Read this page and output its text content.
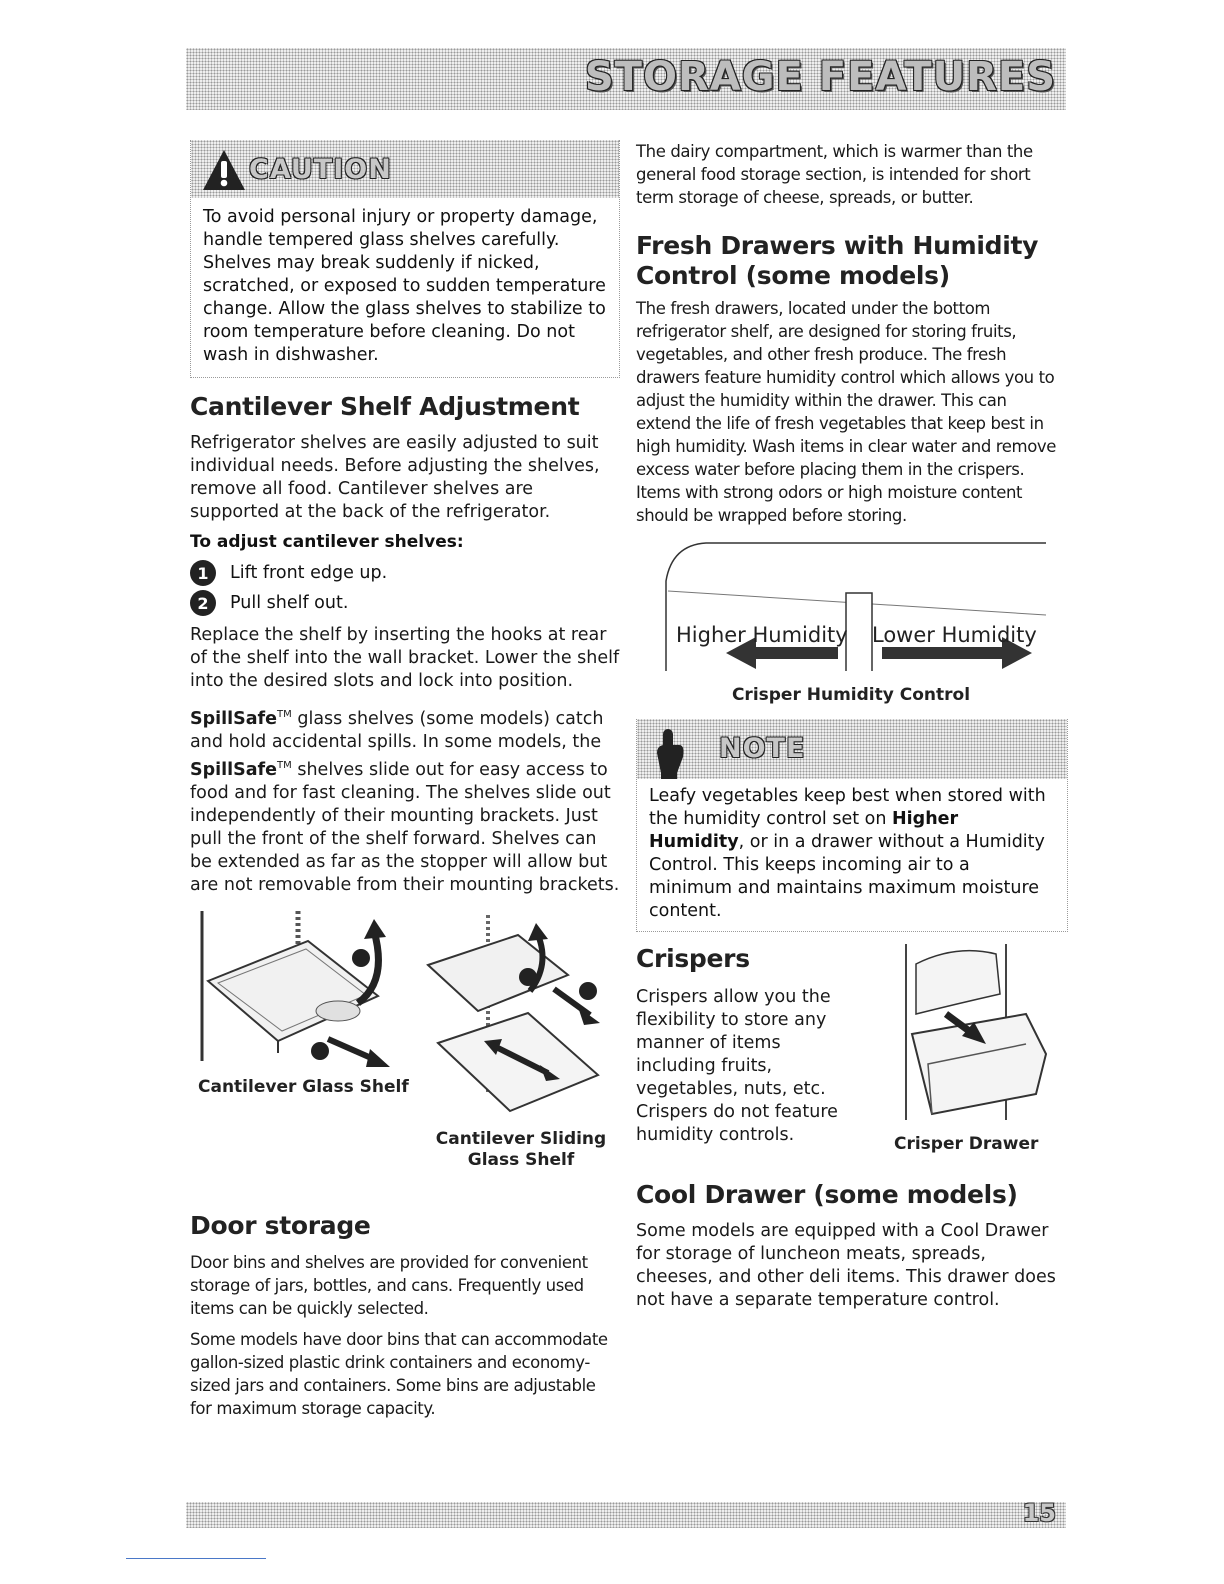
STORAGE FEATURES
CAUTION

To avoid personal injury or property damage, handle tempered glass shelves carefully. Shelves may break suddenly if nicked, scratched, or exposed to sudden temperature change. Allow the glass shelves to stabilize to room temperature before cleaning. Do not wash in dishwasher.

Cantilever Shelf Adjustment

Refrigerator shelves are easily adjusted to suit individual needs. Before adjusting the shelves, remove all food. Cantilever shelves are supported at the back of the refrigerator.

To adjust cantilever shelves:

1	Lift front edge up.
2	Pull shelf out.

Replace the shelf by inserting the hooks at rear of the shelf into the wall bracket. Lower the shelf into the desired slots and lock into position.

SpillSafe™ glass shelves (some models) catch and hold accidental spills. In some models, the SpillSafe™ shelves slide out for easy access to food and for fast cleaning. The shelves slide out independently of their mounting brackets. Just pull the front of the shelf forward. Shelves can be extended as far as the stopper will allow but are not removable from their mounting brackets.

Cantilever Glass Shelf
Cantilever Sliding
Glass Shelf
Door storage

Door bins and shelves are provided for convenient storage of jars, bottles, and cans. Frequently used items can be quickly selected.

Some models have door bins that can accommodate gallon-sized plastic drink containers and economy-sized jars and containers. Some bins are adjustable for maximum storage capacity.

The dairy compartment, which is warmer than the general food storage section, is intended for short term storage of cheese, spreads, or butter.

Fresh Drawers with Humidity
Control (some models)

The fresh drawers, located under the bottom refrigerator shelf, are designed for storing fruits, vegetables, and other fresh produce. The fresh drawers feature humidity control which allows you to adjust the humidity within the drawer. This can extend the life of fresh vegetables that keep best in high humidity. Wash items in clear water and remove excess water before placing them in the crispers. Items with strong odors or high moisture content should be wrapped before storing.

Higher Humidity Lower Humidity
Crisper Humidity Control
NOTE

Leafy vegetables keep best when stored with the humidity control set on Higher Humidity, or in a drawer without a Humidity Control. This keeps incoming air to a minimum and maintains maximum moisture content.

Crispers

Crispers allow you the flexibility to store any manner of items including fruits, vegetables, nuts, etc. Crispers do not feature humidity controls.	Crisper Drawer
Cool Drawer (some models)

Some models are equipped with a Cool Drawer for storage of luncheon meats, spreads, cheeses, and other deli items. This drawer does not have a separate temperature control.

15
